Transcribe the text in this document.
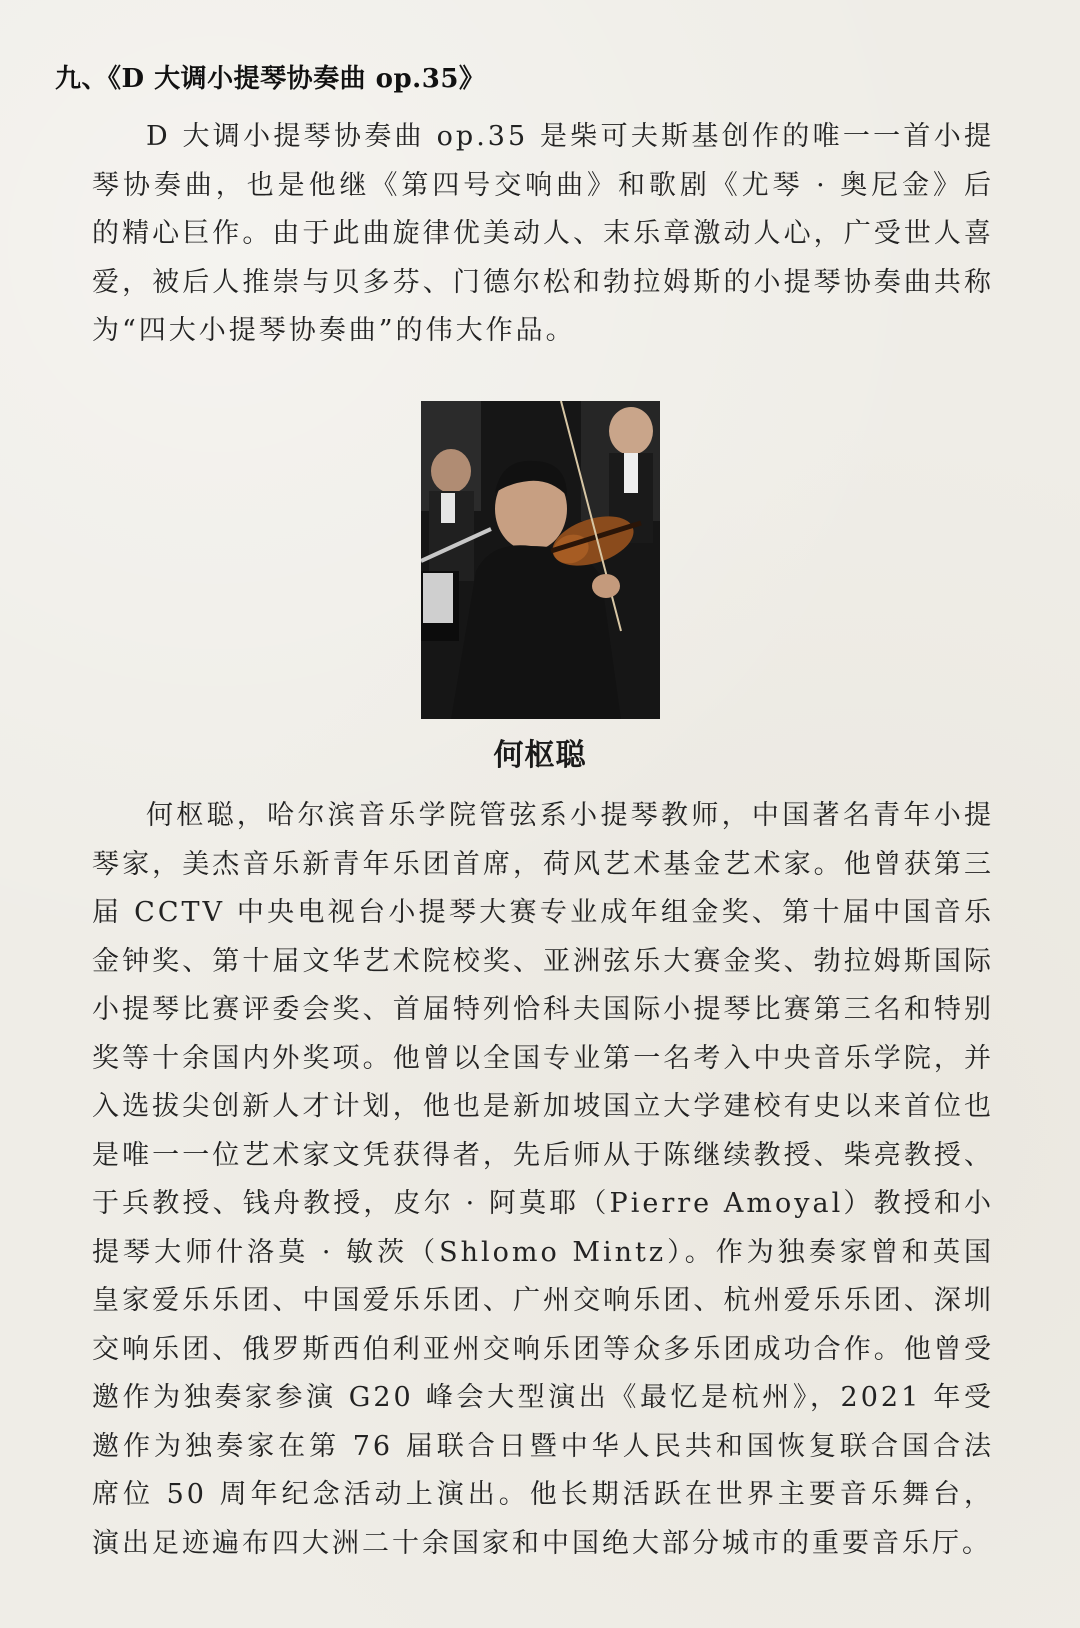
九、《D 大调小提琴协奏曲 op.35》

D 大调小提琴协奏曲 op.35 是柴可夫斯基创作的唯一一首小提琴协奏曲，也是他继《第四号交响曲》和歌剧《尤琴 · 奥尼金》后的精心巨作。由于此曲旋律优美动人、末乐章激动人心，广受世人喜爱，被后人推崇与贝多芬、门德尔松和勃拉姆斯的小提琴协奏曲共称为“四大小提琴协奏曲”的伟大作品。

何枢聪

何枢聪，哈尔滨音乐学院管弦系小提琴教师，中国著名青年小提琴家，美杰音乐新青年乐团首席，荷风艺术基金艺术家。他曾获第三届 CCTV 中央电视台小提琴大赛专业成年组金奖、第十届中国音乐金钟奖、第十届文华艺术院校奖、亚洲弦乐大赛金奖、勃拉姆斯国际小提琴比赛评委会奖、首届特列恰科夫国际小提琴比赛第三名和特别奖等十余国内外奖项。他曾以全国专业第一名考入中央音乐学院，并入选拔尖创新人才计划，他也是新加坡国立大学建校有史以来首位也是唯一一位艺术家文凭获得者，先后师从于陈继续教授、柴亮教授、于兵教授、钱舟教授，皮尔 · 阿莫耶（Pierre Amoyal）教授和小提琴大师什洛莫 · 敏茨（Shlomo Mintz）。作为独奏家曾和英国皇家爱乐乐团、中国爱乐乐团、广州交响乐团、杭州爱乐乐团、深圳交响乐团、俄罗斯西伯利亚州交响乐团等众多乐团成功合作。他曾受邀作为独奏家参演 G20 峰会大型演出《最忆是杭州》，2021 年受邀作为独奏家在第 76 届联合日暨中华人民共和国恢复联合国合法席位 50 周年纪念活动上演出。他长期活跃在世界主要音乐舞台，演出足迹遍布四大洲二十余国家和中国绝大部分城市的重要音乐厅。
